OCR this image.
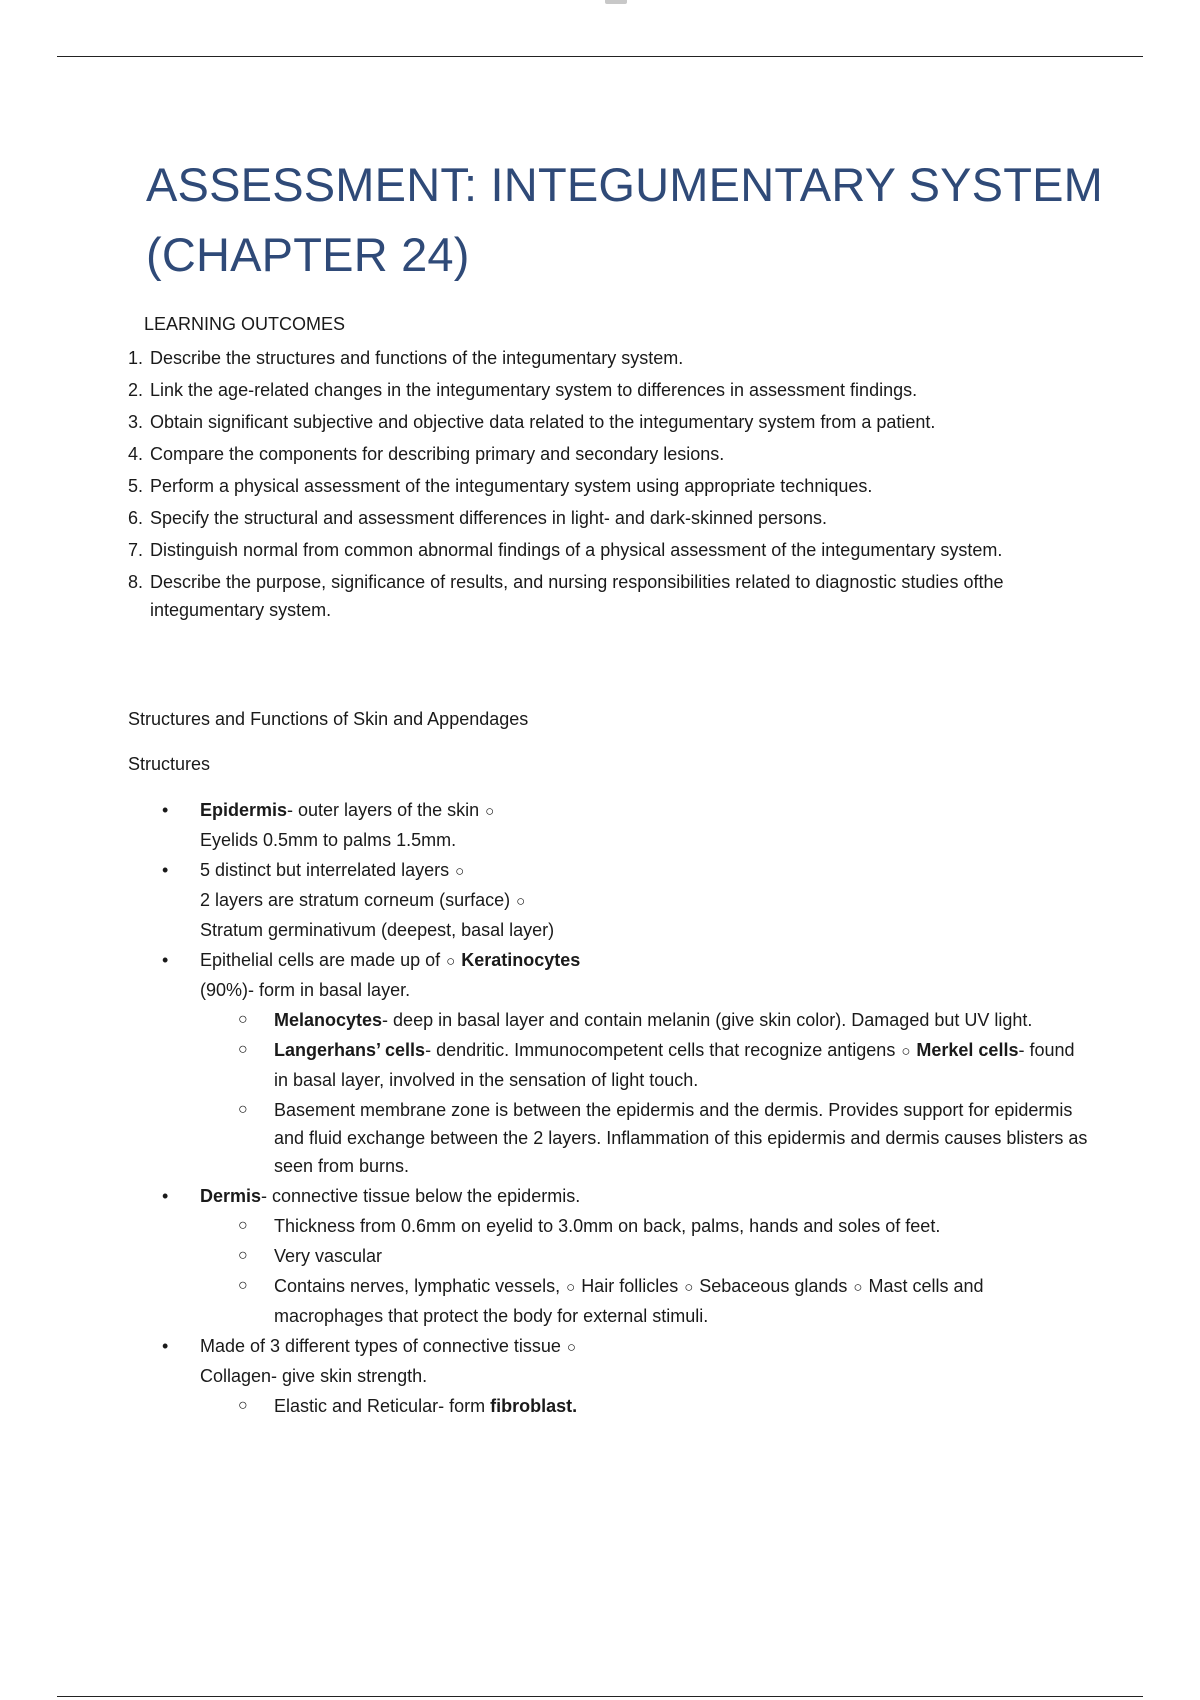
ASSESSMENT: INTEGUMENTARY SYSTEM (CHAPTER 24)
LEARNING OUTCOMES
1. Describe the structures and functions of the integumentary system.
2. Link the age-related changes in the integumentary system to differences in assessment findings.
3. Obtain significant subjective and objective data related to the integumentary system from a patient.
4. Compare the components for describing primary and secondary lesions.
5. Perform a physical assessment of the integumentary system using appropriate techniques.
6. Specify the structural and assessment differences in light- and dark-skinned persons.
7. Distinguish normal from common abnormal findings of a physical assessment of the integumentary system.
8. Describe the purpose, significance of results, and nursing responsibilities related to diagnostic studies ofthe integumentary system.
Structures and Functions of Skin and Appendages
Structures
• Epidermis- outer layers of the skin ○
Eyelids 0.5mm to palms 1.5mm.
• 5 distinct but interrelated layers ○
2 layers are stratum corneum (surface) ○
Stratum germinativum (deepest, basal layer)
• Epithelial cells are made up of ○ Keratinocytes
(90%)- form in basal layer.
○ Melanocytes- deep in basal layer and contain melanin (give skin color). Damaged but UV light.
○ Langerhans’ cells- dendritic. Immunocompetent cells that recognize antigens ○ Merkel cells- found in basal layer, involved in the sensation of light touch.
○ Basement membrane zone is between the epidermis and the dermis. Provides support for epidermis and fluid exchange between the 2 layers. Inflammation of this epidermis and dermis causes blisters as seen from burns.
• Dermis- connective tissue below the epidermis.
○ Thickness from 0.6mm on eyelid to 3.0mm on back, palms, hands and soles of feet.
○ Very vascular
○ Contains nerves, lymphatic vessels, ○ Hair follicles ○ Sebaceous glands ○ Mast cells and macrophages that protect the body for external stimuli.
• Made of 3 different types of connective tissue ○
Collagen- give skin strength.
○ Elastic and Reticular- form fibroblast.
